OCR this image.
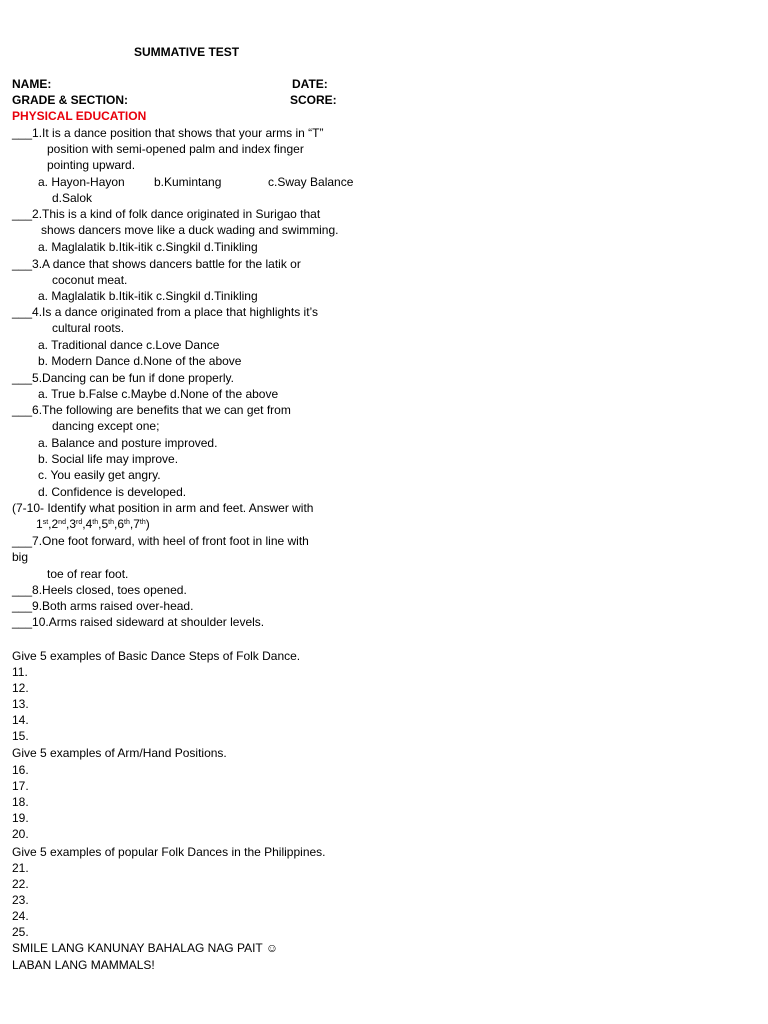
SUMMATIVE TEST
NAME:	DATE:
GRADE & SECTION:	SCORE:
PHYSICAL EDUCATION
___1.It is a dance position that shows that your arms in “T”
position with semi-opened palm and index finger
pointing upward.
a. Hayon-Hayon b.Kumintang	c.Sway Balance
d.Salok
___2.This is a kind of folk dance originated in Surigao that
shows dancers move like a duck wading and swimming.
a. Maglalatik b.Itik-itik c.Singkil d.Tinikling
___3.A dance that shows dancers battle for the latik or
coconut meat.
a. Maglalatik b.Itik-itik c.Singkil d.Tinikling
___4.Is a dance originated from a place that highlights it’s
cultural roots.
a. Traditional dance c.Love Dance
b. Modern Dance d.None of the above
___5.Dancing can be fun if done properly.
a. True b.False c.Maybe d.None of the above
___6.The following are benefits that we can get from
dancing except one;
a. Balance and posture improved.
b. Social life may improve.
c. You easily get angry.
d. Confidence is developed.
(7-10- Identify what position in arm and feet. Answer with
1st,2nd,3rd,4th,5th,6th,7th)
___7.One foot forward, with heel of front foot in line with
big
toe of rear foot.
___8.Heels closed, toes opened.
___9.Both arms raised over-head.
___10.Arms raised sideward at shoulder levels.
Give 5 examples of Basic Dance Steps of Folk Dance.
11.
12.
13.
14.
15.
Give 5 examples of Arm/Hand Positions.
16.
17.
18.
19.
20.
Give 5 examples of popular Folk Dances in the Philippines.
21.
22.
23.
24.
25.
SMILE LANG KANUNAY BAHALAG NAG PAIT ☺
LABAN LANG MAMMALS!
